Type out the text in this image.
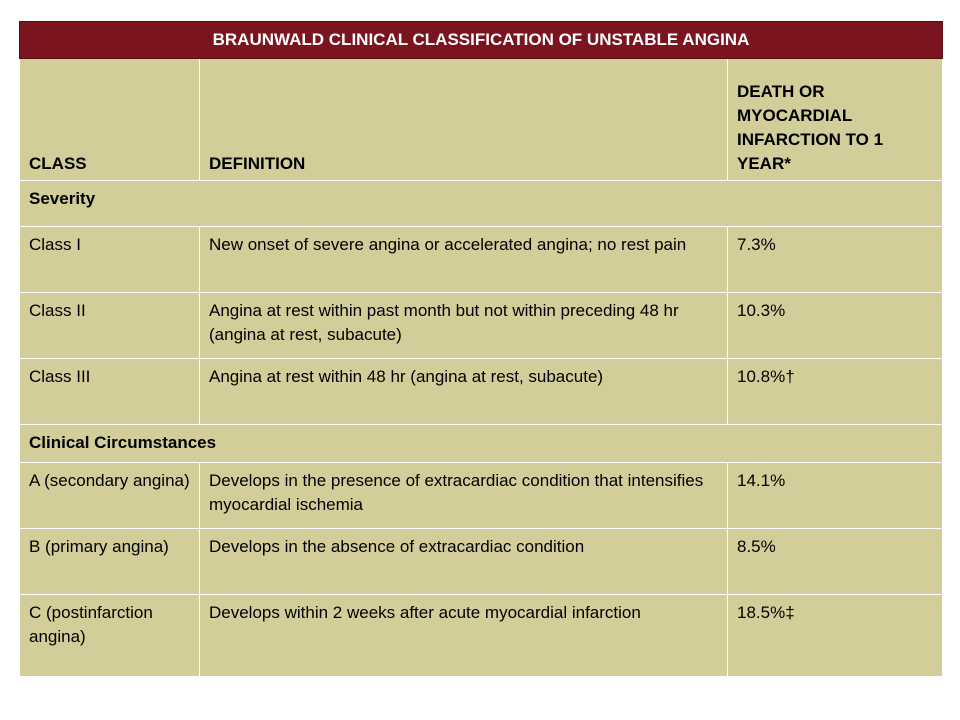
BRAUNWALD CLINICAL CLASSIFICATION OF UNSTABLE ANGINA		
CLASS	DEFINITION	DEATH OR MYOCARDIAL INFARCTION TO 1 YEAR*
Severity		
Class I	New onset of severe angina or accelerated angina; no rest pain	7.3%
Class II	Angina at rest within past month but not within preceding 48 hr (angina at rest, subacute)	10.3%
Class III	Angina at rest within 48 hr (angina at rest, subacute)	10.8%†
Clinical Circumstances		
A (secondary angina)	Develops in the presence of extracardiac condition that intensifies myocardial ischemia	14.1%
B (primary angina)	Develops in the absence of extracardiac condition	8.5%
C (postinfarction angina)	Develops within 2 weeks after acute myocardial infarction	18.5%‡
